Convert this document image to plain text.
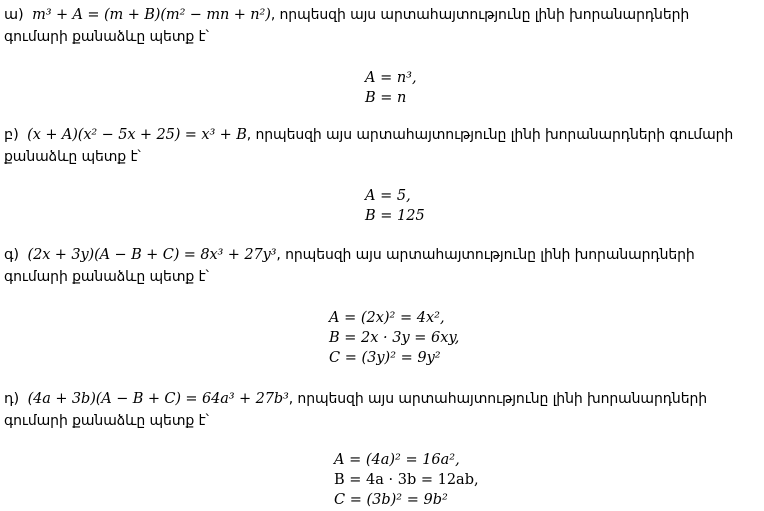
ա) m³ + A = (m + B)(m² − mn + n²), որպեսզի այս արտահայտությունը լինի խորանարդների գումարի քանաձևը պետք է՝
A = n³,
B = n
բ) (x + A)(x² − 5x + 25) = x³ + B, որպեսզի այս արտահայտությունը լինի խորանարդների գումարի քանաձևը պետք է՝
A = 5,
B = 125
գ) (2x + 3y)(A − B + C) = 8x³ + 27y³, որպեսզի այս արտահայտությունը լինի խորանարդների գումարի քանաձևը պետք է՝
A = (2x)² = 4x²,
B = 2x · 3y = 6xy,
C = (3y)² = 9y²
դ) (4a + 3b)(A − B + C) = 64a³ + 27b³, որպեսզի այս արտահայտությունը լինի խորանարդների գումարի քանաձևը պետք է՝
A = (4a)² = 16a²,
B = 4a · 3b = 12ab,
C = (3b)² = 9b²
